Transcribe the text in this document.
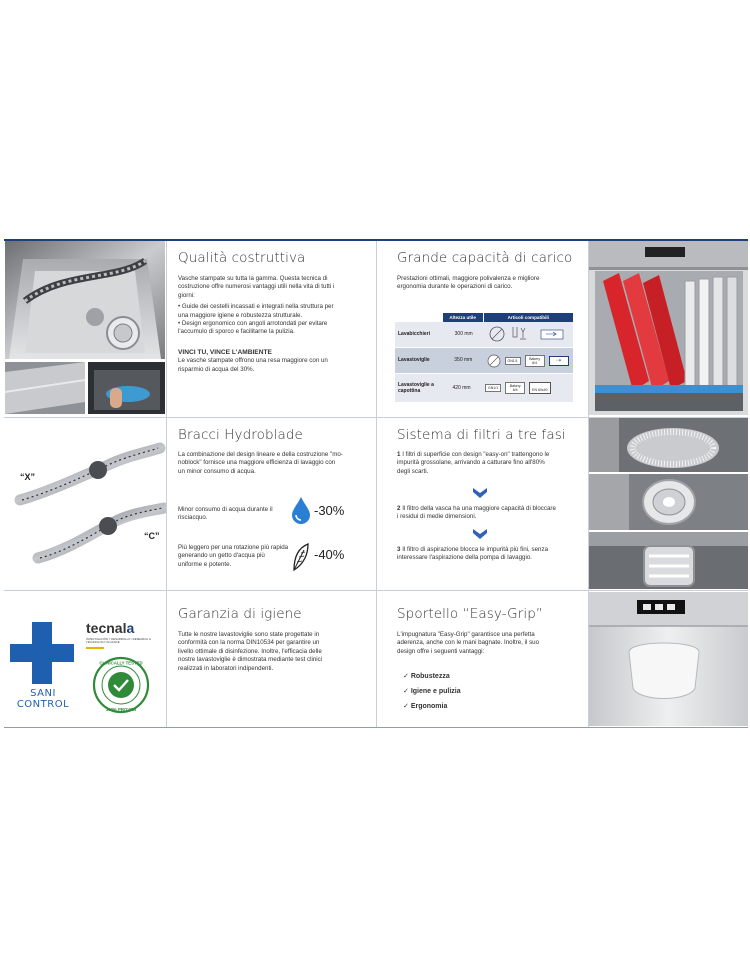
Qualità costruttiva

Vasche stampate su tutta la gamma. Questa tecnica di costruzione offre numerosi vantaggi utili nella vita di tutti i giorni:

• Guide dei cestelli incassati e integrati nella struttura per una maggiore igiene e robustezza strutturale.

• Design ergonomico con angoli arrotondati per evitare l'accumulo di sporco e facilitarne la pulizia.

VINCI TU, VINCE L'AMBIENTE

Le vasche stampate offrono una resa maggiore con un risparmio di acqua del 30%.

Grande capacità di carico
Prestazioni ottimali, maggiore polivalenza e migliore ergonomia durante le operazioni di carico.
Altezza utile	Articoli compatibili
Lavabicchieri	300 mm
Lavastoviglie	350 mm	GN1/1	Bakery 6/4	⇢
Lavastoviglie a capottina	420 mm	GN1/1	Bakery 6/4	EN 60x40
“X”
“C”
Bracci Hydroblade
La combinazione del design lineare e della costruzione "mo-noblock" fornisce una maggiore efficienza di lavaggio con un minor consumo di acqua.
Minor consumo di acqua durante il risciacquo.	-30%
Più leggero per una rotazione più rapida generando un getto d'acqua più uniforme e potente.
-40%
Sistema di filtri a tre fasi
1 I filtri di superficie con design "easy-on" trattengono le impurità grossolane, arrivando a catturare fino all'80% degli scarti.
2 Il filtro della vasca ha una maggiore capacità di bloccare i residui di medie dimensioni.
3 Il filtro di aspirazione blocca le impurità più fini, senza interessare l'aspirazione della pompa di lavaggio.
SANI
CONTROL
tecnala
INVESTIGACIÓN Y DESARROLLO / RESEARCH & TECHNOLOGY ALLIANCE
CLINICALLY TESTED
100% PROVEN
Garanzia di igiene
Tutte le nostre lavastoviglie sono state progettate in conformità con la norma DIN10534 per garantire un livello ottimale di disinfezione. Inoltre, l'efficacia delle nostre lavastoviglie è dimostrata mediante test clinici realizzati in laboratori indipendenti.
Sportello “Easy-Grip”
L'impugnatura "Easy-Grip" garantisce una perfetta aderenza, anche con le mani bagnate. Inoltre, il suo design offre i seguenti vantaggi:
✓ Robustezza
✓ Igiene e pulizia
✓ Ergonomia
